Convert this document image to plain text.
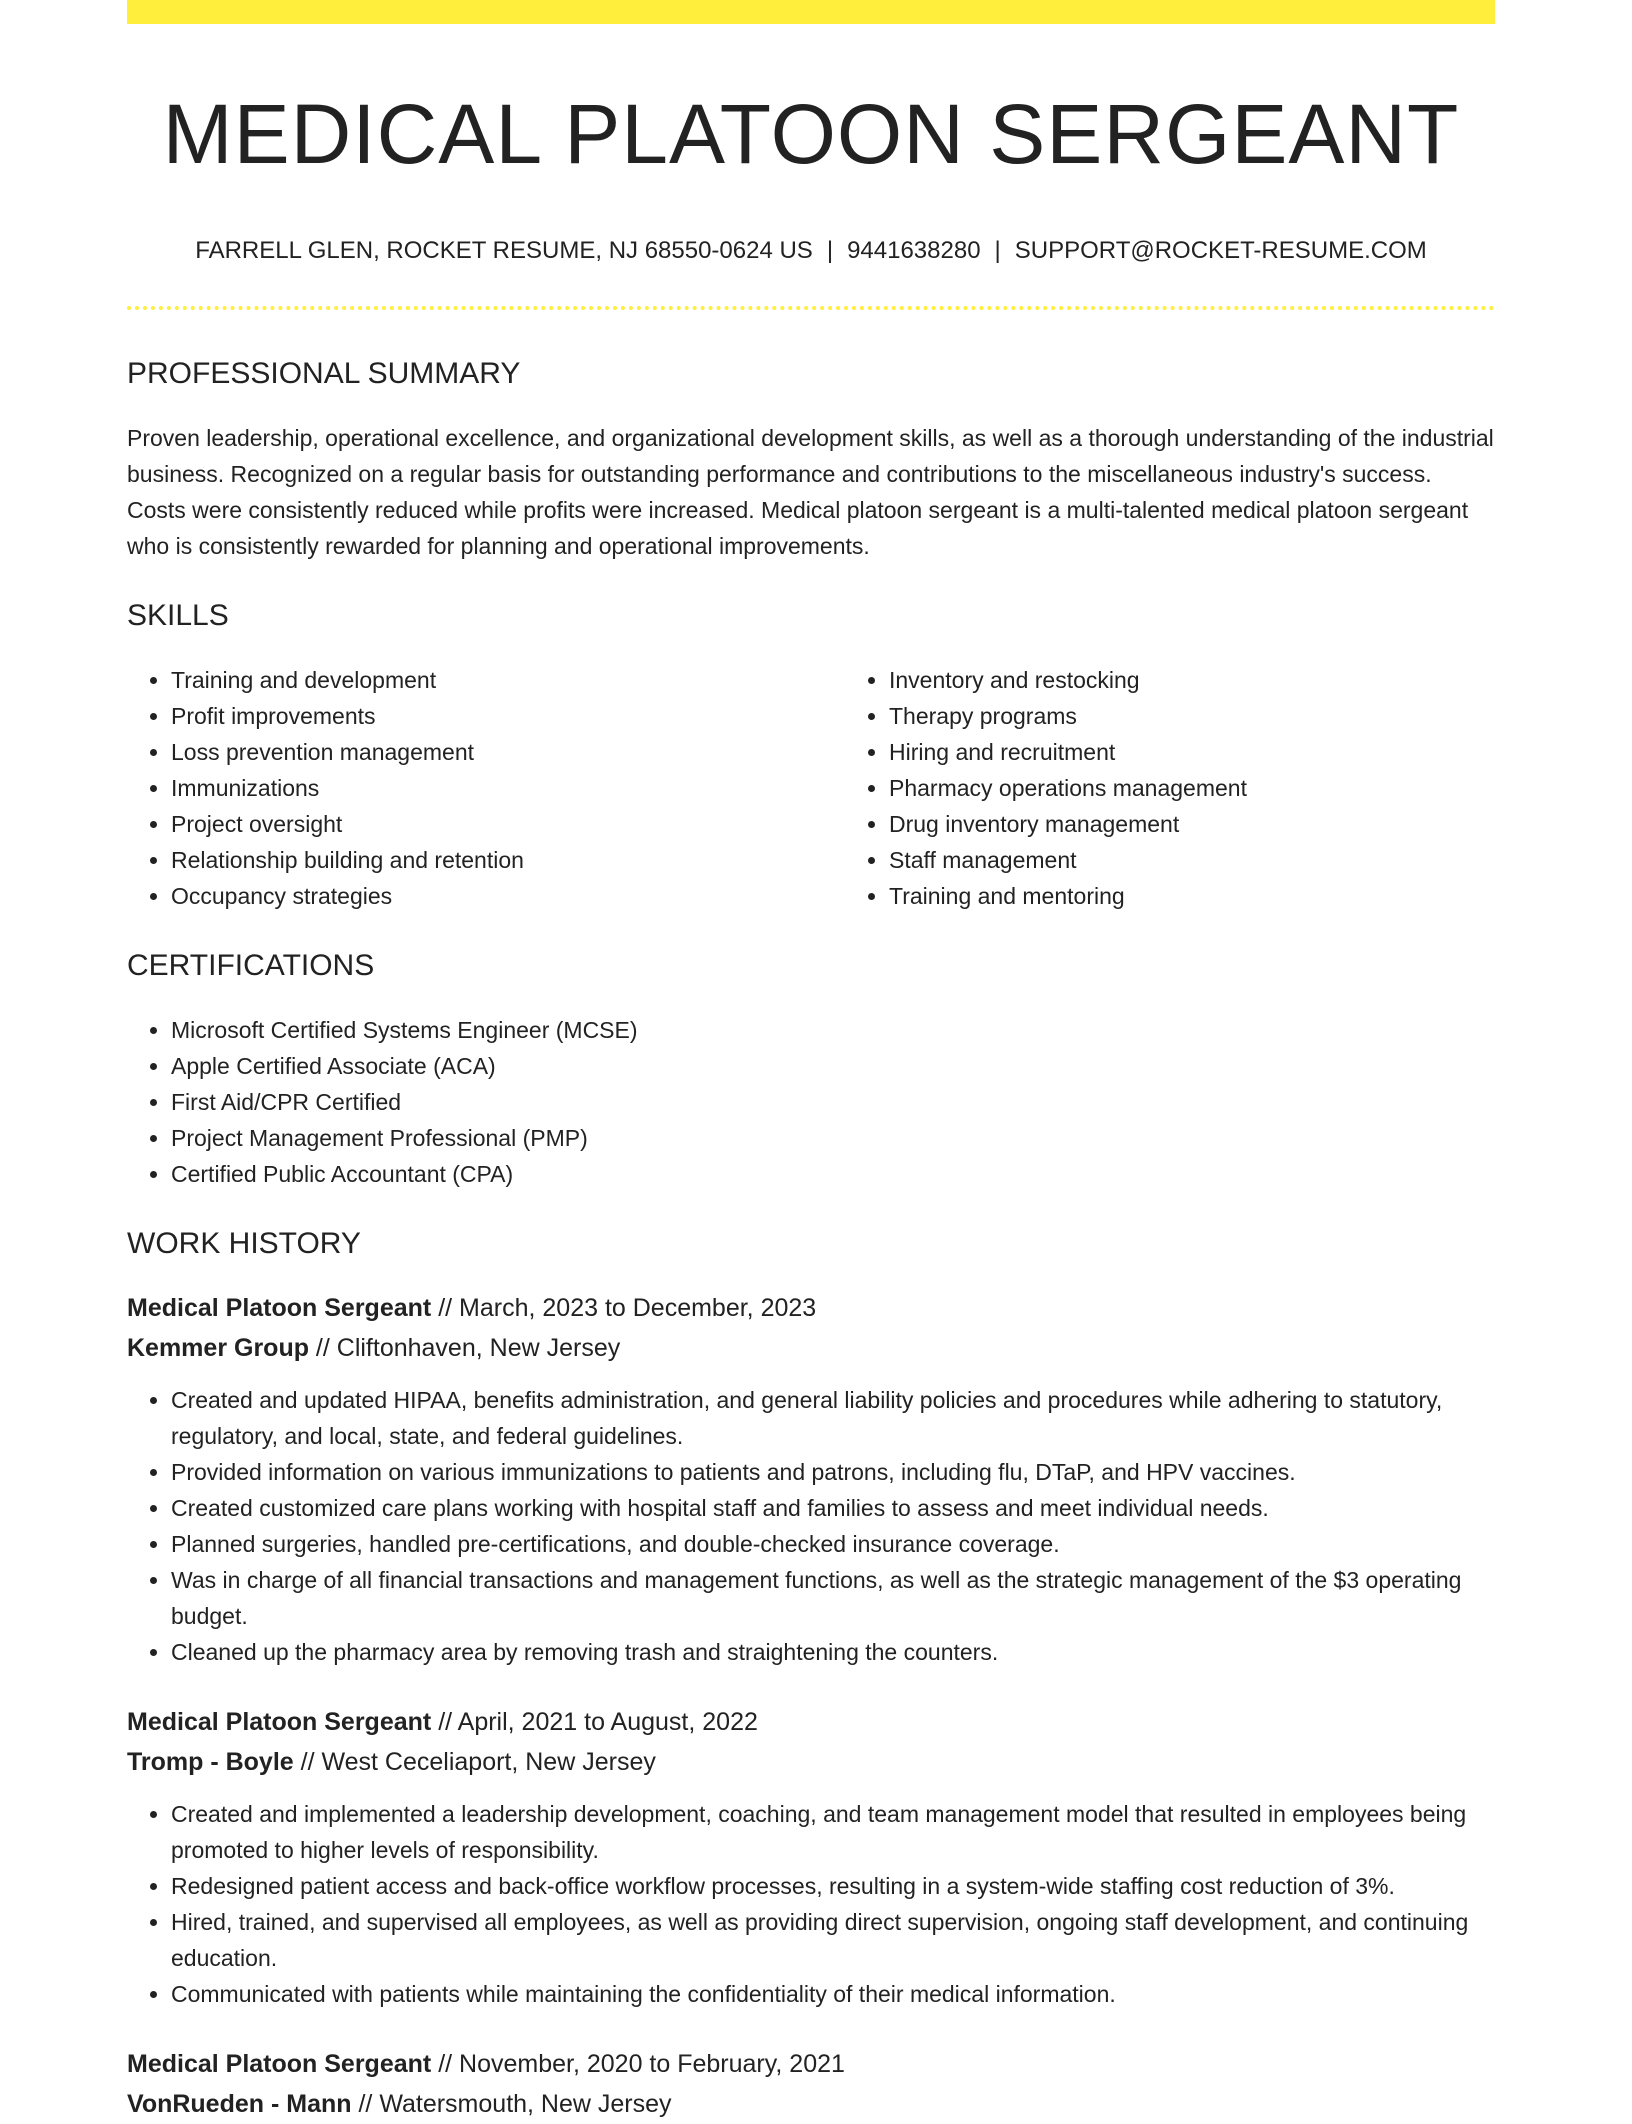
MEDICAL PLATOON SERGEANT
FARRELL GLEN, ROCKET RESUME, NJ 68550-0624 US | 9441638280 | SUPPORT@ROCKET-RESUME.COM
PROFESSIONAL SUMMARY

Proven leadership, operational excellence, and organizational development skills, as well as a thorough understanding of the industrial business. Recognized on a regular basis for outstanding performance and contributions to the miscellaneous industry's success. Costs were consistently reduced while profits were increased. Medical platoon sergeant is a multi-talented medical platoon sergeant who is consistently rewarded for planning and operational improvements.

SKILLS
• Training and development
• Profit improvements
• Loss prevention management
• Immunizations
• Project oversight
• Relationship building and retention
• Occupancy strategies
• Inventory and restocking
• Therapy programs
• Hiring and recruitment
• Pharmacy operations management
• Drug inventory management
• Staff management
• Training and mentoring
CERTIFICATIONS
• Microsoft Certified Systems Engineer (MCSE)
• Apple Certified Associate (ACA)
• First Aid/CPR Certified
• Project Management Professional (PMP)
• Certified Public Accountant (CPA)
WORK HISTORY
Medical Platoon Sergeant // March, 2023 to December, 2023
Kemmer Group // Cliftonhaven, New Jersey
• Created and updated HIPAA, benefits administration, and general liability policies and procedures while adhering to statutory, regulatory, and local, state, and federal guidelines.
• Provided information on various immunizations to patients and patrons, including flu, DTaP, and HPV vaccines.
• Created customized care plans working with hospital staff and families to assess and meet individual needs.
• Planned surgeries, handled pre-certifications, and double-checked insurance coverage.
• Was in charge of all financial transactions and management functions, as well as the strategic management of the $3 operating budget.
• Cleaned up the pharmacy area by removing trash and straightening the counters.
Medical Platoon Sergeant // April, 2021 to August, 2022
Tromp - Boyle // West Ceceliaport, New Jersey
• Created and implemented a leadership development, coaching, and team management model that resulted in employees being promoted to higher levels of responsibility.
• Redesigned patient access and back-office workflow processes, resulting in a system-wide staffing cost reduction of 3%.
• Hired, trained, and supervised all employees, as well as providing direct supervision, ongoing staff development, and continuing education.
• Communicated with patients while maintaining the confidentiality of their medical information.
Medical Platoon Sergeant // November, 2020 to February, 2021
VonRueden - Mann // Watersmouth, New Jersey
